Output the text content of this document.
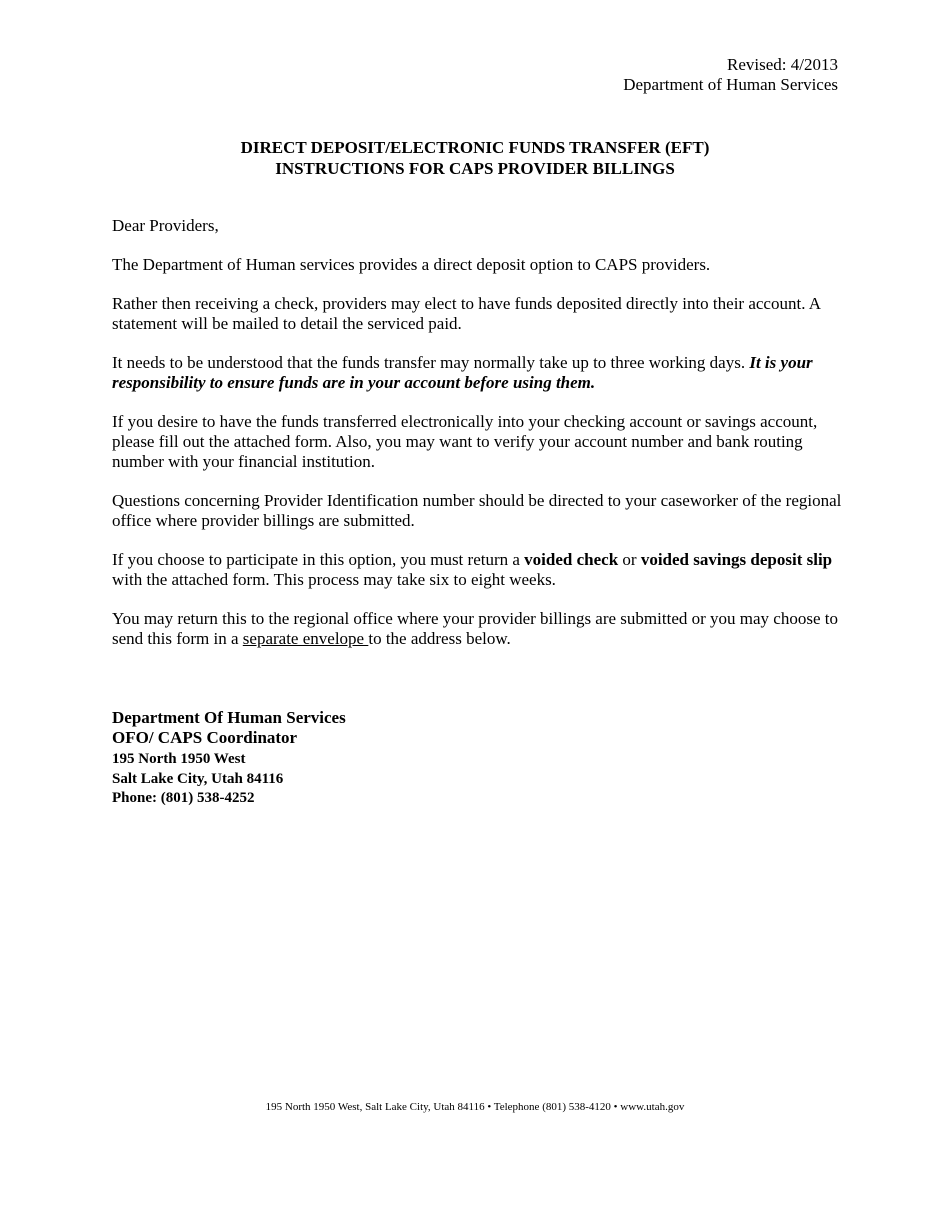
Revised: 4/2013
Department of Human Services
DIRECT DEPOSIT/ELECTRONIC FUNDS TRANSFER (EFT)
INSTRUCTIONS FOR CAPS PROVIDER BILLINGS

Dear Providers,

The Department of Human services provides a direct deposit option to CAPS providers.

Rather then receiving a check, providers may elect to have funds deposited directly into their account. A statement will be mailed to detail the serviced paid.

It needs to be understood that the funds transfer may normally take up to three working days. It is your responsibility to ensure funds are in your account before using them.

If you desire to have the funds transferred electronically into your checking account or savings account, please fill out the attached form. Also, you may want to verify your account number and bank routing number with your financial institution.

Questions concerning Provider Identification number should be directed to your caseworker of the regional office where provider billings are submitted.

If you choose to participate in this option, you must return a voided check or voided savings deposit slip with the attached form. This process may take six to eight weeks.

You may return this to the regional office where your provider billings are submitted or you may choose to send this form in a separate envelope to the address below.

Department Of Human Services
OFO/ CAPS Coordinator
195 North 1950 West
Salt Lake City, Utah 84116
Phone: (801) 538-4252
195 North 1950 West, Salt Lake City, Utah 84116 • Telephone (801) 538-4120 • www.utah.gov
